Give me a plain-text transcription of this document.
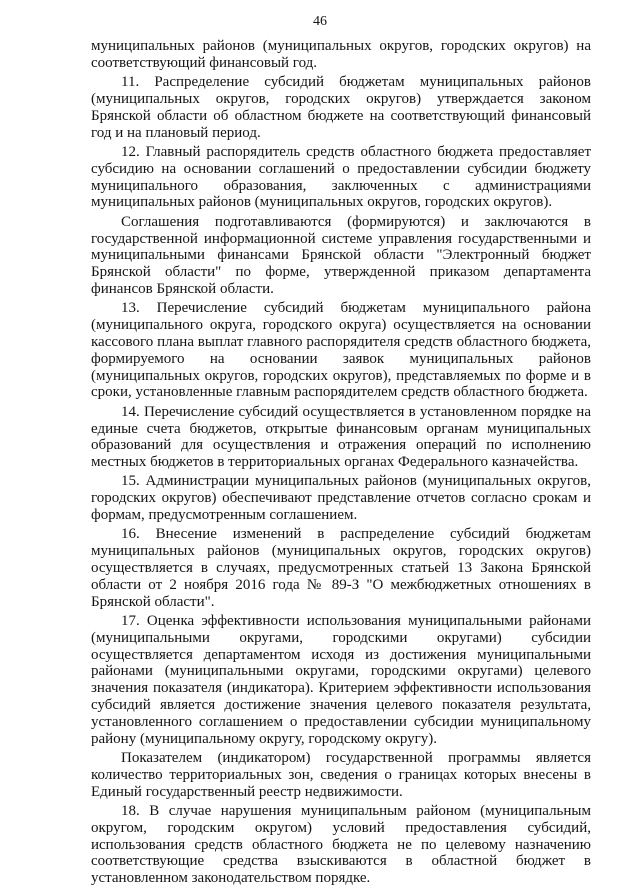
46

муниципальных районов (муниципальных округов, городских округов) на соответствующий финансовый год.

11. Распределение субсидий бюджетам муниципальных районов (муниципальных округов, городских округов) утверждается законом Брянской области об областном бюджете на соответствующий финансовый год и на плановый период.

12. Главный распорядитель средств областного бюджета предоставляет субсидию на основании соглашений о предоставлении субсидии бюджету муниципального образования, заключенных с администрациями муниципальных районов (муниципальных округов, городских округов).

Соглашения подготавливаются (формируются) и заключаются в государственной информационной системе управления государственными и муниципальными финансами Брянской области "Электронный бюджет Брянской области" по форме, утвержденной приказом департамента финансов Брянской области.

13. Перечисление субсидий бюджетам муниципального района (муниципального округа, городского округа) осуществляется на основании кассового плана выплат главного распорядителя средств областного бюджета, формируемого на основании заявок муниципальных районов (муниципальных округов, городских округов), представляемых по форме и в сроки, установленные главным распорядителем средств областного бюджета.

14. Перечисление субсидий осуществляется в установленном порядке на единые счета бюджетов, открытые финансовым органам муниципальных образований для осуществления и отражения операций по исполнению местных бюджетов в территориальных органах Федерального казначейства.

15. Администрации муниципальных районов (муниципальных округов, городских округов) обеспечивают представление отчетов согласно срокам и формам, предусмотренным соглашением.

16. Внесение изменений в распределение субсидий бюджетам муниципальных районов (муниципальных округов, городских округов) осуществляется в случаях, предусмотренных статьей 13 Закона Брянской области от 2 ноября 2016 года № 89-З "О межбюджетных отношениях в Брянской области".

17. Оценка эффективности использования муниципальными районами (муниципальными округами, городскими округами) субсидии осуществляется департаментом исходя из достижения муниципальными районами (муниципальными округами, городскими округами) целевого значения показателя (индикатора). Критерием эффективности использования субсидий является достижение значения целевого показателя результата, установленного соглашением о предоставлении субсидии муниципальному району (муниципальному округу, городскому округу).

Показателем (индикатором) государственной программы является количество территориальных зон, сведения о границах которых внесены в Единый государственный реестр недвижимости.

18. В случае нарушения муниципальным районом (муниципальным округом, городским округом) условий предоставления субсидий, использования средств областного бюджета не по целевому назначению соответствующие средства взыскиваются в областной бюджет в установленном законодательством порядке.
